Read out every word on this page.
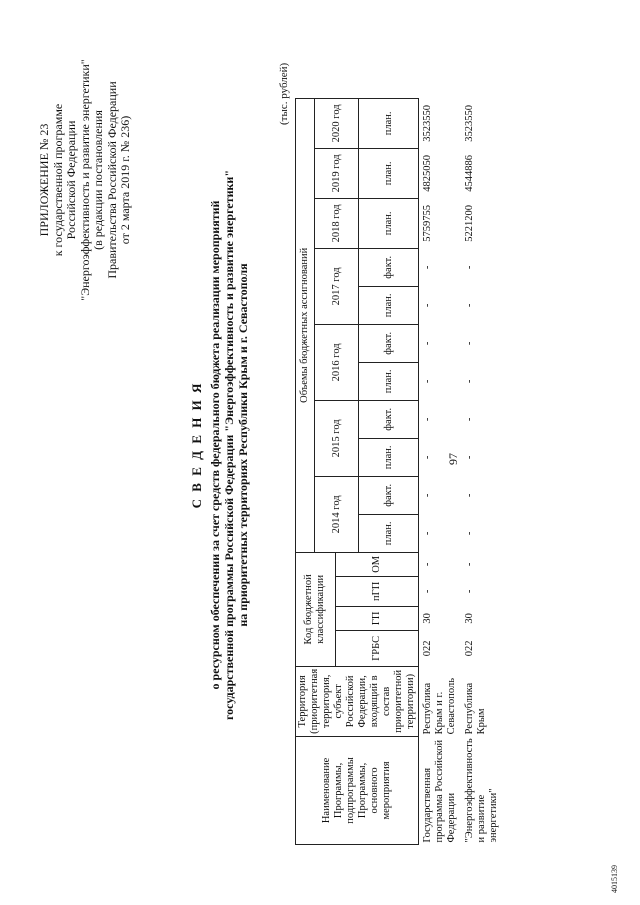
97
ПРИЛОЖЕНИЕ № 23 к государственной программе Российской Федерации "Энергоэффективность и развитие энергетики" (в редакции постановления Правительства Российской Федерации от 2 марта 2019 г. № 236)
С В Е Д Е Н И Я о ресурсном обеспечении за счет средств федерального бюджета реализации мероприятий государственной программы Российской Федерации "Энергоэффективность и развитие энергетики" на приоритетных территориях Республики Крым и г. Севастополя
(тыс. рублей)
Наименование Программы, подпрограммы Программы, основного мероприятия	Территория (приоритетная территория, субъект Российской Федерации, входящий в состав приоритетной территории)	Код бюджетной классификации				Объемы бюджетных ассигнований										
						2014 год		2015 год		2016 год		2017 год		2018 год	2019 год	2020 год
		ГРБС	ГП	пГП	ОМ											
						план.	факт.	план.	факт.	план.	факт.	план.	факт.	план.	план.	план.

Государственная программа Российской Федерации	Республика Крым и г. Севастополь	022	30	-	-	-	-	-	-	-	-	-	-	5759755	4825050	3523550
"Энергоэффективность и развитие энергетики"	Республика Крым	022	30	-	-	-	-	-	-	-	-	-	-	5221200	4544886	3523550
4015139
